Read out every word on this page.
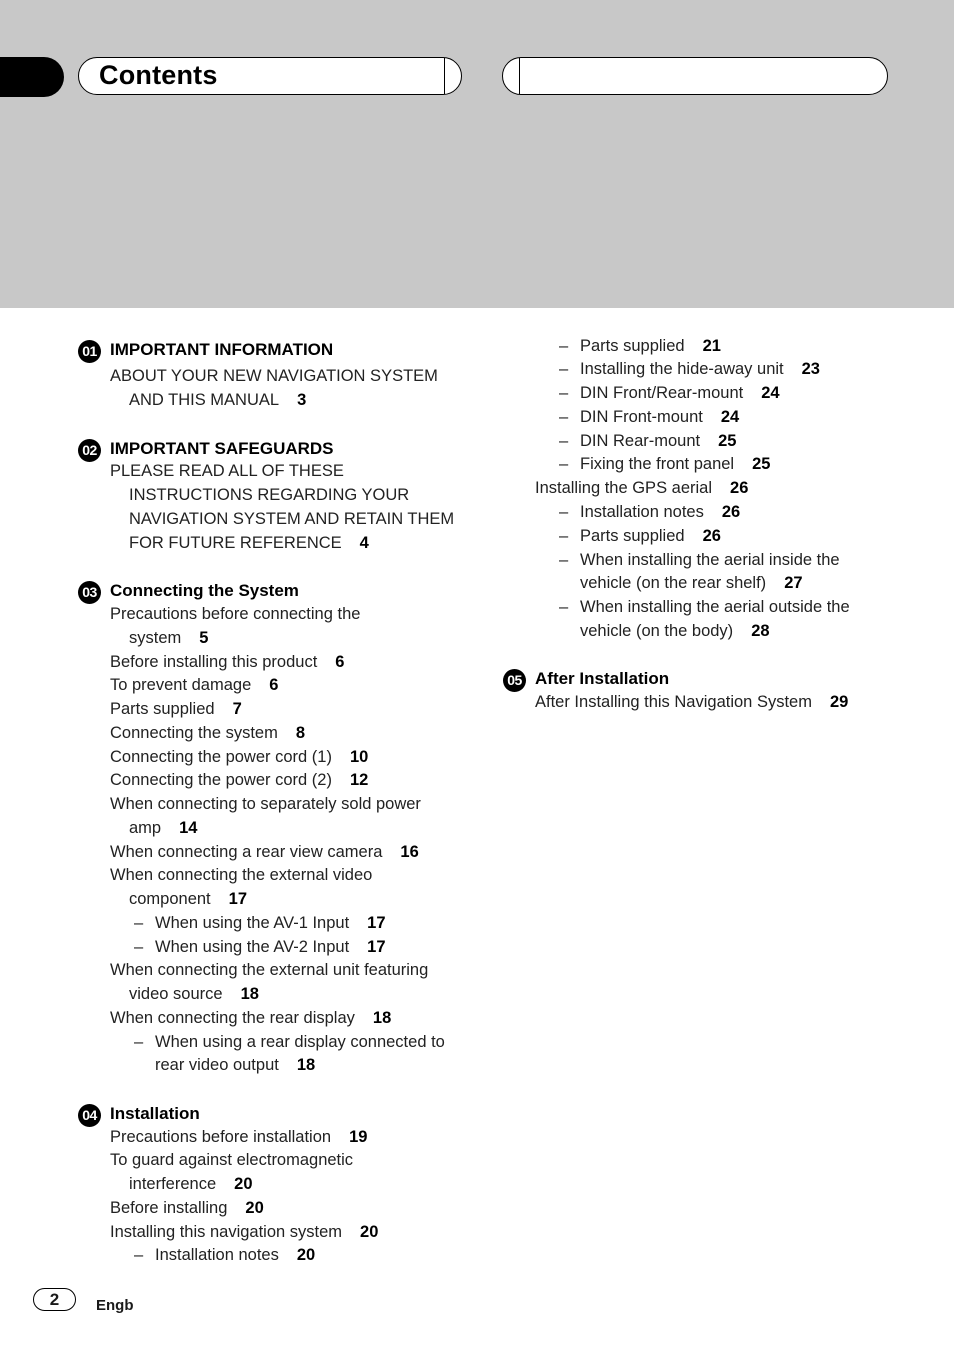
Contents
01 IMPORTANT INFORMATION
ABOUT YOUR NEW NAVIGATION SYSTEM
AND THIS MANUAL 3
02 IMPORTANT SAFEGUARDS
PLEASE READ ALL OF THESE
INSTRUCTIONS REGARDING YOUR
NAVIGATION SYSTEM AND RETAIN THEM
FOR FUTURE REFERENCE 4
03 Connecting the System
Precautions before connecting the
system 5
Before installing this product 6
To prevent damage 6
Parts supplied 7
Connecting the system 8
Connecting the power cord (1) 10
Connecting the power cord (2) 12
When connecting to separately sold power
amp 14
When connecting a rear view camera 16
When connecting the external video
component 17
– When using the AV-1 Input 17
– When using the AV-2 Input 17
When connecting the external unit featuring
video source 18
When connecting the rear display 18
– When using a rear display connected to
rear video output 18
04 Installation
Precautions before installation 19
To guard against electromagnetic
interference 20
Before installing 20
Installing this navigation system 20
– Installation notes 20
– Parts supplied 21
– Installing the hide-away unit 23
– DIN Front/Rear-mount 24
– DIN Front-mount 24
– DIN Rear-mount 25
– Fixing the front panel 25
Installing the GPS aerial 26
– Installation notes 26
– Parts supplied 26
– When installing the aerial inside the
vehicle (on the rear shelf) 27
– When installing the aerial outside the
vehicle (on the body) 28
05 After Installation
After Installing this Navigation System 29
2	Engb
